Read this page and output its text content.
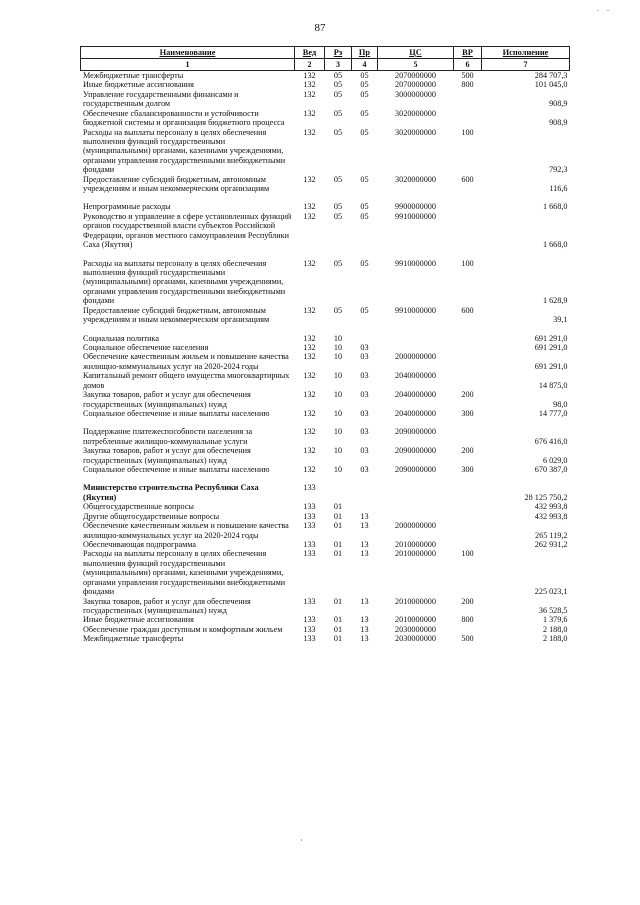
. .
87
Наименование	Вед	Рз	Пр	ЦС	ВР	Исполнение
1	2	3	4	5	6	7
Межбюджетные трансферты	132	05	05	2070000000	500	284 707,3
Иные бюджетные ассигнования	132	05	05	2070000000	800	101 045,0
Управление государственными финансами и государственным долгом	132	05	05	3000000000		908,9
Обеспечение сбалансированности и устойчивости бюджетной системы и организация бюджетного процесса	132	05	05	3020000000		908,9
Расходы на выплаты персоналу в целях обеспечения выполнения функций государственными (муниципальными) органами, казенными учреждениями, органами управления государственными внебюджетными фондами	132	05	05	3020000000	100	792,3
Предоставление субсидий бюджетным, автономным учреждениям и иным некоммерческим организациям	132	05	05	3020000000	600	116,6

Непрограммные расходы	132	05	05	9900000000		1 668,0
Руководство и управление в сфере установленных функций органов государственной власти субъектов Российской Федерации, органов местного самоуправления Республики Саха (Якутия)	132	05	05	9910000000		1 668,0

Расходы на выплаты персоналу в целях обеспечения выполнения функций государственными (муниципальными) органами, казенными учреждениями, органами управления государственными внебюджетными фондами	132	05	05	9910000000	100	1 628,9
Предоставление субсидий бюджетным, автономным учреждениям и иным некоммерческим организациям	132	05	05	9910000000	600	39,1

Социальная политика	132	10				691 291,0
Социальное обеспечение населения	132	10	03			691 291,0
Обеспечение качественным жильем и повышение качества жилищно-коммунальных услуг на 2020-2024 годы	132	10	03	2000000000		691 291,0
Капитальный ремонт общего имущества многоквартирных домов	132	10	03	2040000000		14 875,0
Закупка товаров, работ и услуг для обеспечения государственных (муниципальных) нужд	132	10	03	2040000000	200	98,0
Социальное обеспечение и иные выплаты населению	132	10	03	2040000000	300	14 777,0

Поддержание платежеспособности населения за потребленные жилищно-коммунальные услуги	132	10	03	2090000000		676 416,0
Закупка товаров, работ и услуг для обеспечения государственных (муниципальных) нужд	132	10	03	2090000000	200	6 029,0
Социальное обеспечение и иные выплаты населению	132	10	03	2090000000	300	670 387,0

Министерство строительства Республики Саха (Якутия)	133					28 125 750,2
Общегосударственные вопросы	133	01				432 993,8
Другие общегосударственные вопросы	133	01	13			432 993,8
Обеспечение качественным жильем и повышение качества жилищно-коммунальных услуг на 2020-2024 годы	133	01	13	2000000000		265 119,2
Обеспечивающая подпрограмма	133	01	13	2010000000		262 931,2
Расходы на выплаты персоналу в целях обеспечения выполнения функций государственными (муниципальными) органами, казенными учреждениями, органами управления государственными внебюджетными фондами	133	01	13	2010000000	100	225 023,1
Закупка товаров, работ и услуг для обеспечения государственных (муниципальных) нужд	133	01	13	2010000000	200	36 528,5
Иные бюджетные ассигнования	133	01	13	2010000000	800	1 379,6
Обеспечение граждан доступным и комфортным жильем	133	01	13	2030000000		2 188,0
Межбюджетные трансферты	133	01	13	2030000000	500	2 188,0
·
